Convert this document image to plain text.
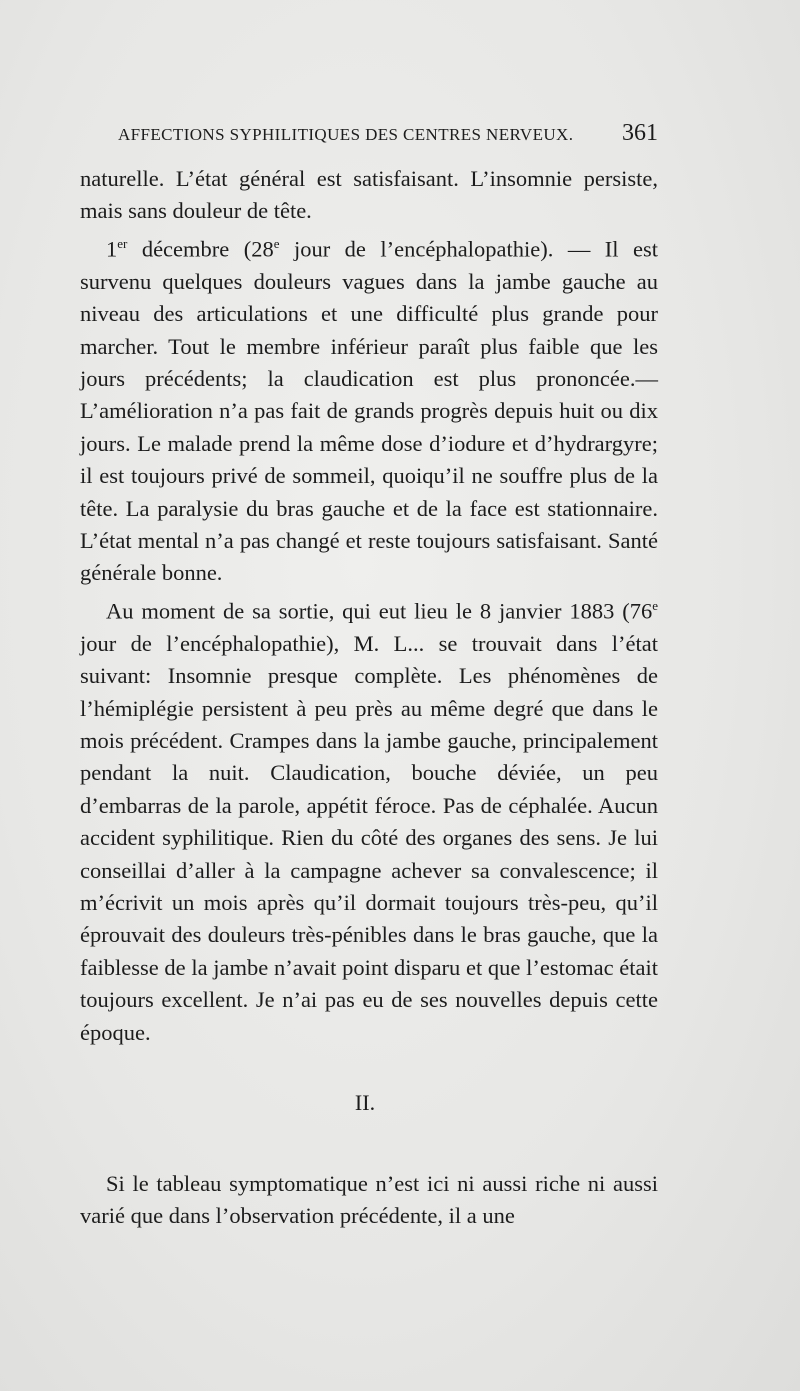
AFFECTIONS SYPHILITIQUES DES CENTRES NERVEUX. 361

naturelle. L’état général est satisfaisant. L’insomnie persiste, mais sans douleur de tête.

1er décembre (28e jour de l’encéphalopathie). — Il est survenu quelques douleurs vagues dans la jambe gauche au niveau des articulations et une difficulté plus grande pour marcher. Tout le membre inférieur paraît plus faible que les jours précédents; la claudication est plus prononcée.— L’amélioration n’a pas fait de grands progrès depuis huit ou dix jours. Le malade prend la même dose d’iodure et d’hydrargyre; il est toujours privé de sommeil, quoiqu’il ne souffre plus de la tête. La paralysie du bras gauche et de la face est stationnaire. L’état mental n’a pas changé et reste toujours satisfaisant. Santé générale bonne.

Au moment de sa sortie, qui eut lieu le 8 janvier 1883 (76e jour de l’encéphalopathie), M. L... se trouvait dans l’état suivant: Insomnie presque complète. Les phénomènes de l’hémiplégie persistent à peu près au même degré que dans le mois précédent. Crampes dans la jambe gauche, principalement pendant la nuit. Claudication, bouche déviée, un peu d’embarras de la parole, appétit féroce. Pas de céphalée. Aucun accident syphilitique. Rien du côté des organes des sens. Je lui conseillai d’aller à la campagne achever sa convalescence; il m’écrivit un mois après qu’il dormait toujours très-peu, qu’il éprouvait des douleurs très-pénibles dans le bras gauche, que la faiblesse de la jambe n’avait point disparu et que l’estomac était toujours excellent. Je n’ai pas eu de ses nouvelles depuis cette époque.

II.

Si le tableau symptomatique n’est ici ni aussi riche ni aussi varié que dans l’observation précédente, il a une
